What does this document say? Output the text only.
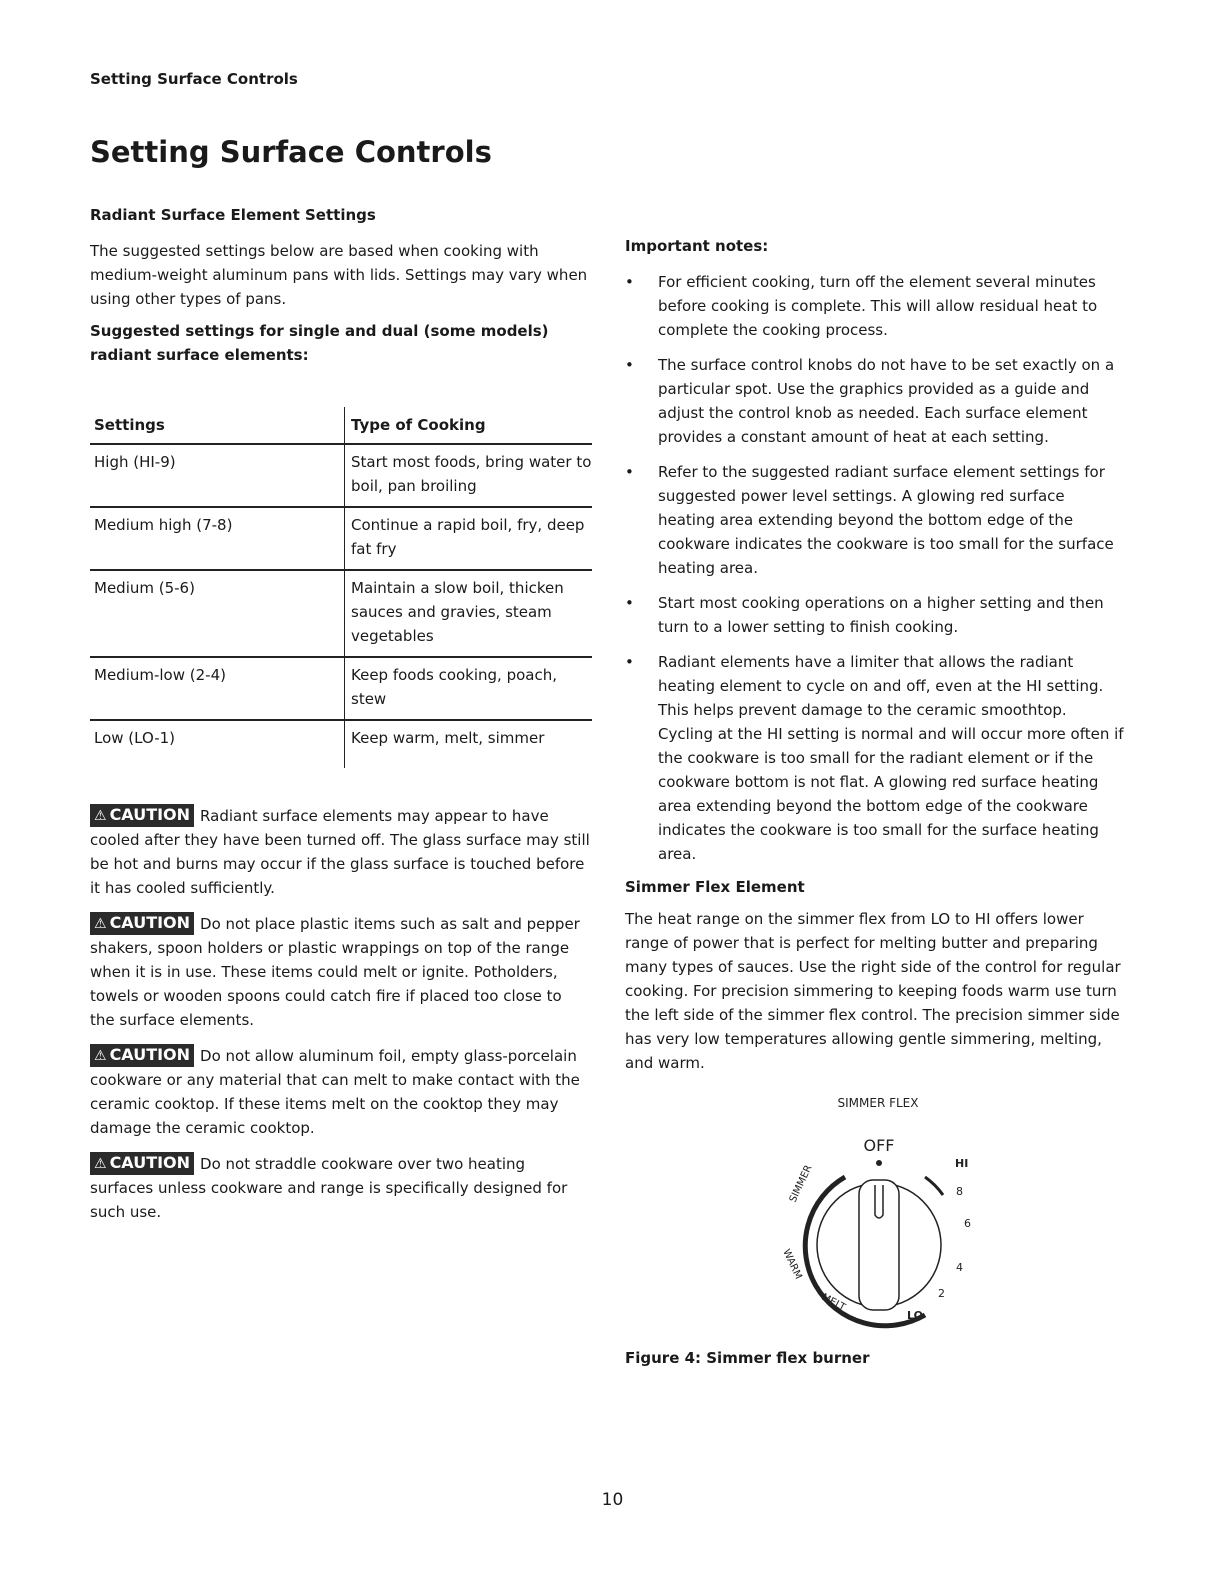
Setting Surface Controls
Setting Surface Controls
Radiant Surface Element Settings

The suggested settings below are based when cooking with medium-weight aluminum pans with lids. Settings may vary when using other types of pans.

Suggested settings for single and dual (some models) radiant surface elements:

Settings	Type of Cooking
High (HI-9)	Start most foods, bring water to boil, pan broiling
Medium high (7-8)	Continue a rapid boil, fry, deep fat fry
Medium (5-6)	Maintain a slow boil, thicken sauces and gravies, steam vegetables
Medium-low (2-4)	Keep foods cooking, poach, stew
Low (LO-1)	Keep warm, melt, simmer

⚠ CAUTION Radiant surface elements may appear to have cooled after they have been turned off. The glass surface may still be hot and burns may occur if the glass surface is touched before it has cooled sufficiently.

⚠ CAUTION Do not place plastic items such as salt and pepper shakers, spoon holders or plastic wrappings on top of the range when it is in use. These items could melt or ignite. Potholders, towels or wooden spoons could catch fire if placed too close to the surface elements.

⚠ CAUTION Do not allow aluminum foil, empty glass-porcelain cookware or any material that can melt to make contact with the ceramic cooktop. If these items melt on the cooktop they may damage the ceramic cooktop.

⚠ CAUTION Do not straddle cookware over two heating surfaces unless cookware and range is specifically designed for such use.

Important notes:
• For efficient cooking, turn off the element several minutes before cooking is complete. This will allow residual heat to complete the cooking process.
• The surface control knobs do not have to be set exactly on a particular spot. Use the graphics provided as a guide and adjust the control knob as needed. Each surface element provides a constant amount of heat at each setting.
• Refer to the suggested radiant surface element settings for suggested power level settings. A glowing red surface heating area extending beyond the bottom edge of the cookware indicates the cookware is too small for the surface heating area.
• Start most cooking operations on a higher setting and then turn to a lower setting to finish cooking.
• Radiant elements have a limiter that allows the radiant heating element to cycle on and off, even at the HI setting. This helps prevent damage to the ceramic smoothtop. Cycling at the HI setting is normal and will occur more often if the cookware is too small for the radiant element or if the cookware bottom is not flat. A glowing red surface heating area extending beyond the bottom edge of the cookware indicates the cookware is too small for the surface heating area.
Simmer Flex Element

The heat range on the simmer flex from LO to HI offers lower range of power that is perfect for melting butter and preparing many types of sauces. Use the right side of the control for regular cooking. For precision simmering to keeping foods warm use turn the left side of the simmer flex control. The precision simmer side has very low temperatures allowing gentle simmering, melting, and warm.

SIMMER FLEX
OFF
HI
8
6
4
2
LO
SIMMER
WARM
MELT
Figure 4: Simmer flex burner
10
